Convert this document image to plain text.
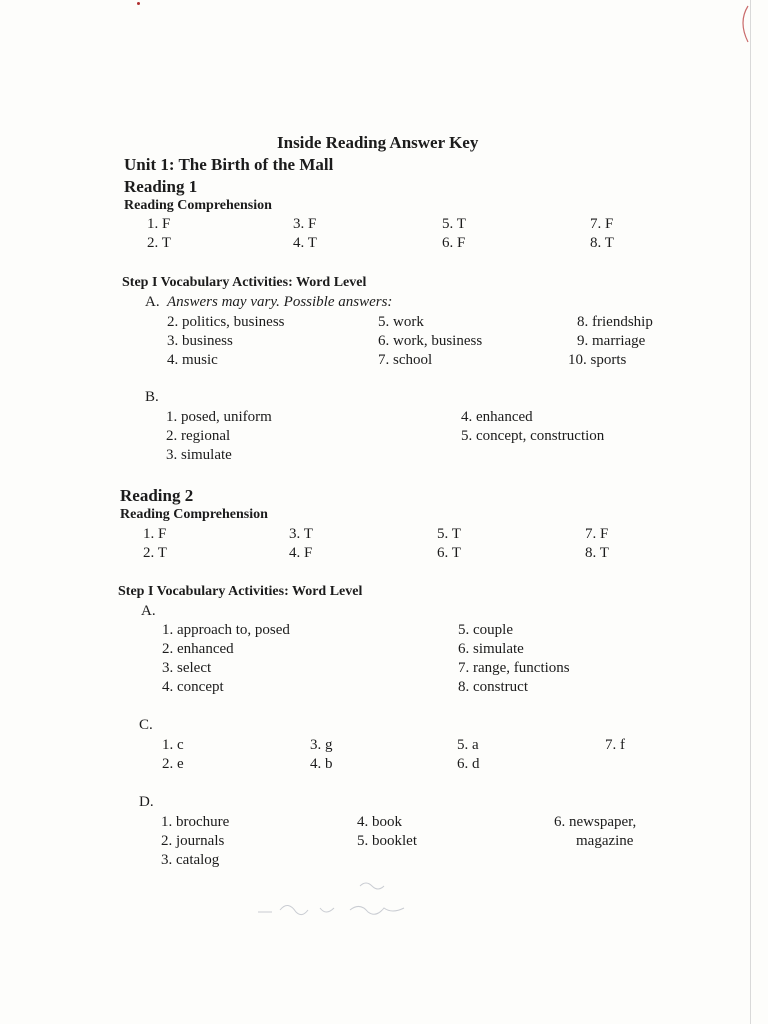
Inside Reading Answer Key
Unit 1: The Birth of the Mall
Reading 1
Reading Comprehension
1. F	3. F	5. T	7. F
2. T	4. T	6. F	8. T
Step I Vocabulary Activities: Word Level
A. Answers may vary. Possible answers:
2. politics, business	5. work	8. friendship
3. business	6. work, business	9. marriage
4. music	7. school	10. sports
B.
1. posed, uniform	4. enhanced
2. regional	5. concept, construction
3. simulate
Reading 2
Reading Comprehension
1. F	3. T	5. T	7. F
2. T	4. F	6. T	8. T
Step I Vocabulary Activities: Word Level
A.
1. approach to, posed	5. couple
2. enhanced	6. simulate
3. select	7. range, functions
4. concept	8. construct
C.
1. c	3. g	5. a	7. f
2. e	4. b	6. d
D.
1. brochure	4. book	6. newspaper,
2. journals	5. booklet	magazine
3. catalog
